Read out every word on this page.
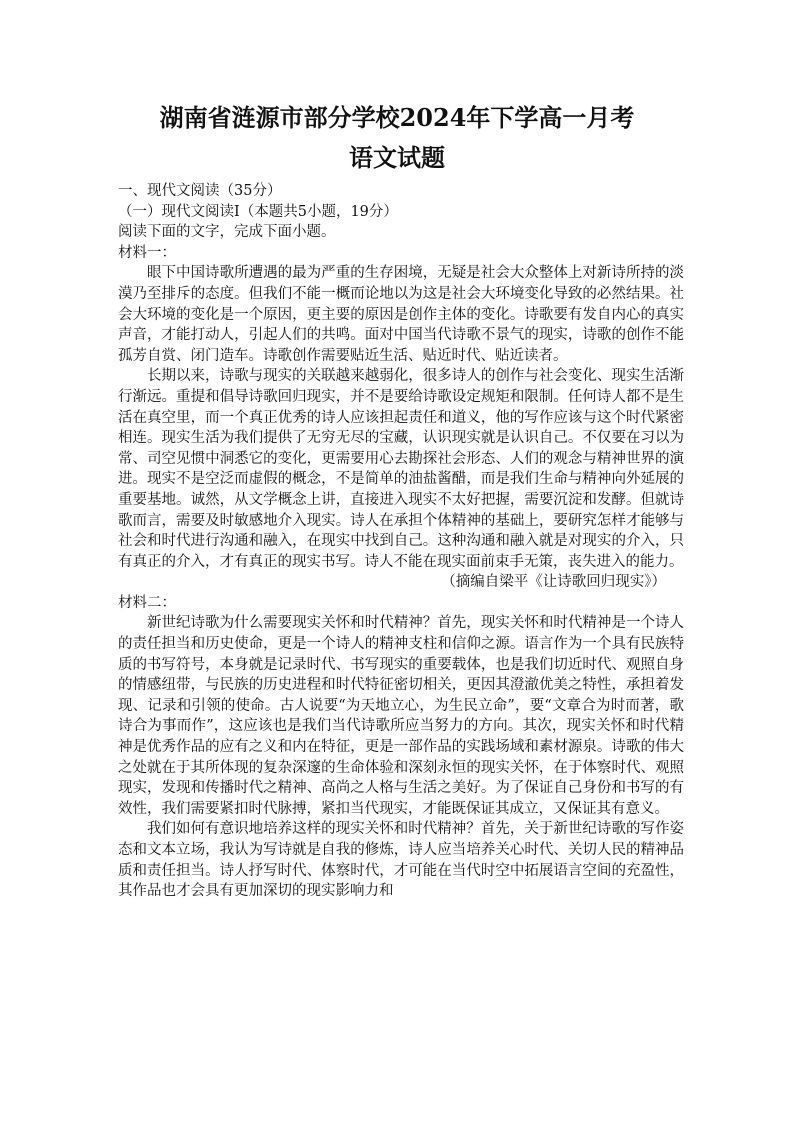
湖南省涟源市部分学校2024年下学高一月考
语文试题

一、现代文阅读（35分）

（一）现代文阅读Ⅰ（本题共5小题，19分）

阅读下面的文字，完成下面小题。

材料一：

眼下中国诗歌所遭遇的最为严重的生存困境，无疑是社会大众整体上对新诗所持的淡漠乃至排斥的态度。但我们不能一概而论地以为这是社会大环境变化导致的必然结果。社会大环境的变化是一个原因，更主要的原因是创作主体的变化。诗歌要有发自内心的真实声音，才能打动人，引起人们的共鸣。面对中国当代诗歌不景气的现实，诗歌的创作不能孤芳自赏、闭门造车。诗歌创作需要贴近生活、贴近时代、贴近读者。

长期以来，诗歌与现实的关联越来越弱化，很多诗人的创作与社会变化、现实生活渐行渐远。重提和倡导诗歌回归现实，并不是要给诗歌设定规矩和限制。任何诗人都不是生活在真空里，而一个真正优秀的诗人应该担起责任和道义，他的写作应该与这个时代紧密相连。现实生活为我们提供了无穷无尽的宝藏，认识现实就是认识自己。不仅要在习以为常、司空见惯中洞悉它的变化，更需要用心去勘探社会形态、人们的观念与精神世界的演进。现实不是空泛而虚假的概念，不是简单的油盐酱醋，而是我们生命与精神向外延展的重要基地。诚然，从文学概念上讲，直接进入现实不太好把握，需要沉淀和发酵。但就诗歌而言，需要及时敏感地介入现实。诗人在承担个体精神的基础上，要研究怎样才能够与社会和时代进行沟通和融入，在现实中找到自己。这种沟通和融入就是对现实的介入，只有真正的介入，才有真正的现实书写。诗人不能在现实面前束手无策，丧失进入的能力。

（摘编自梁平《让诗歌回归现实》）

材料二：

新世纪诗歌为什么需要现实关怀和时代精神？首先，现实关怀和时代精神是一个诗人的责任担当和历史使命，更是一个诗人的精神支柱和信仰之源。语言作为一个具有民族特质的书写符号，本身就是记录时代、书写现实的重要载体，也是我们切近时代、观照自身的情感纽带，与民族的历史进程和时代特征密切相关，更因其澄澈优美之特性，承担着发现、记录和引领的使命。古人说要“为天地立心，为生民立命”，要“文章合为时而著，歌诗合为事而作”，这应该也是我们当代诗歌所应当努力的方向。其次，现实关怀和时代精神是优秀作品的应有之义和内在特征，更是一部作品的实践场域和素材源泉。诗歌的伟大之处就在于其所体现的复杂深邃的生命体验和深刻永恒的现实关怀，在于体察时代、观照现实，发现和传播时代之精神、高尚之人格与生活之美好。为了保证自己身份和书写的有效性，我们需要紧扣时代脉搏，紧扣当代现实，才能既保证其成立，又保证其有意义。

我们如何有意识地培养这样的现实关怀和时代精神？首先，关于新世纪诗歌的写作姿态和文本立场，我认为写诗就是自我的修炼，诗人应当培养关心时代、关切人民的精神品质和责任担当。诗人抒写时代、体察时代，才可能在当代时空中拓展语言空间的充盈性，其作品也才会具有更加深切的现实影响力和
